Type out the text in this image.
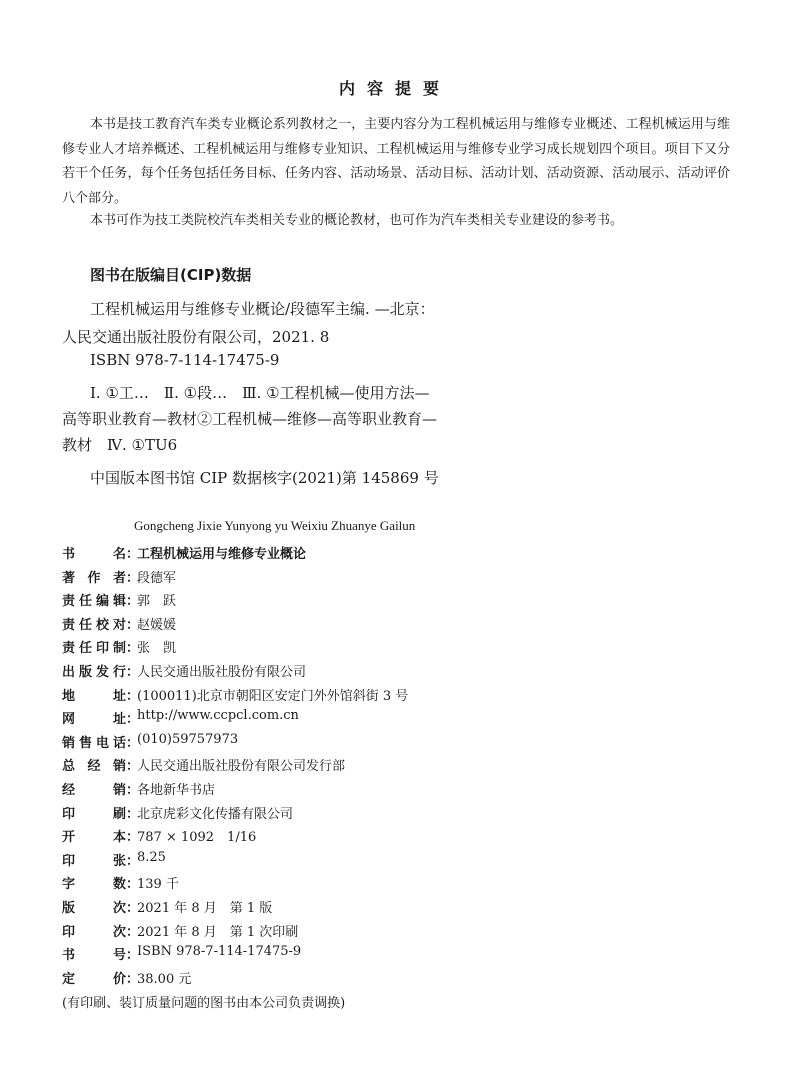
内容提要

本书是技工教育汽车类专业概论系列教材之一，主要内容分为工程机械运用与维修专业概述、工程机械运用与维修专业人才培养概述、工程机械运用与维修专业知识、工程机械运用与维修专业学习成长规划四个项目。项目下又分若干个任务，每个任务包括任务目标、任务内容、活动场景、活动目标、活动计划、活动资源、活动展示、活动评价八个部分。

本书可作为技工类院校汽车类相关专业的概论教材，也可作为汽车类相关专业建设的参考书。

图书在版编目(CIP)数据
工程机械运用与维修专业概论/段德军主编. —北京：
人民交通出版社股份有限公司，2021. 8
ISBN 978-7-114-17475-9
Ⅰ. ①工…　Ⅱ. ①段…　Ⅲ. ①工程机械—使用方法—
高等职业教育—教材②工程机械—维修—高等职业教育—
教材　Ⅳ. ①TU6
中国版本图书馆 CIP 数据核字(2021)第 145869 号
Gongcheng Jixie Yunyong yu Weixiu Zhuanye Gailun
书	名 ：
工程机械运用与维修专业概论
著 作 者 ：
段德军
责 任 编 辑 ：
郭　跃
责 任 校 对 ：
赵媛媛
责 任 印 制 ：
张　凯
出 版 发 行 ：
人民交通出版社股份有限公司
地	址 ：
(100011)北京市朝阳区安定门外外馆斜街 3 号
网	址 ：
http://www.ccpcl.com.cn
销 售 电 话 ：
(010)59757973
总 经 销 ：
人民交通出版社股份有限公司发行部
经	销 ：
各地新华书店
印	刷 ：
北京虎彩文化传播有限公司
开	本 ：
787 × 1092　1/16
印	张 ：
8.25
字	数 ：
139 千
版	次 ：
2021 年 8 月　第 1 版
印	次 ：
2021 年 8 月　第 1 次印刷
书	号 ：
ISBN 978-7-114-17475-9
定	价 ：
38.00 元
(有印刷、装订质量问题的图书由本公司负责调换)
